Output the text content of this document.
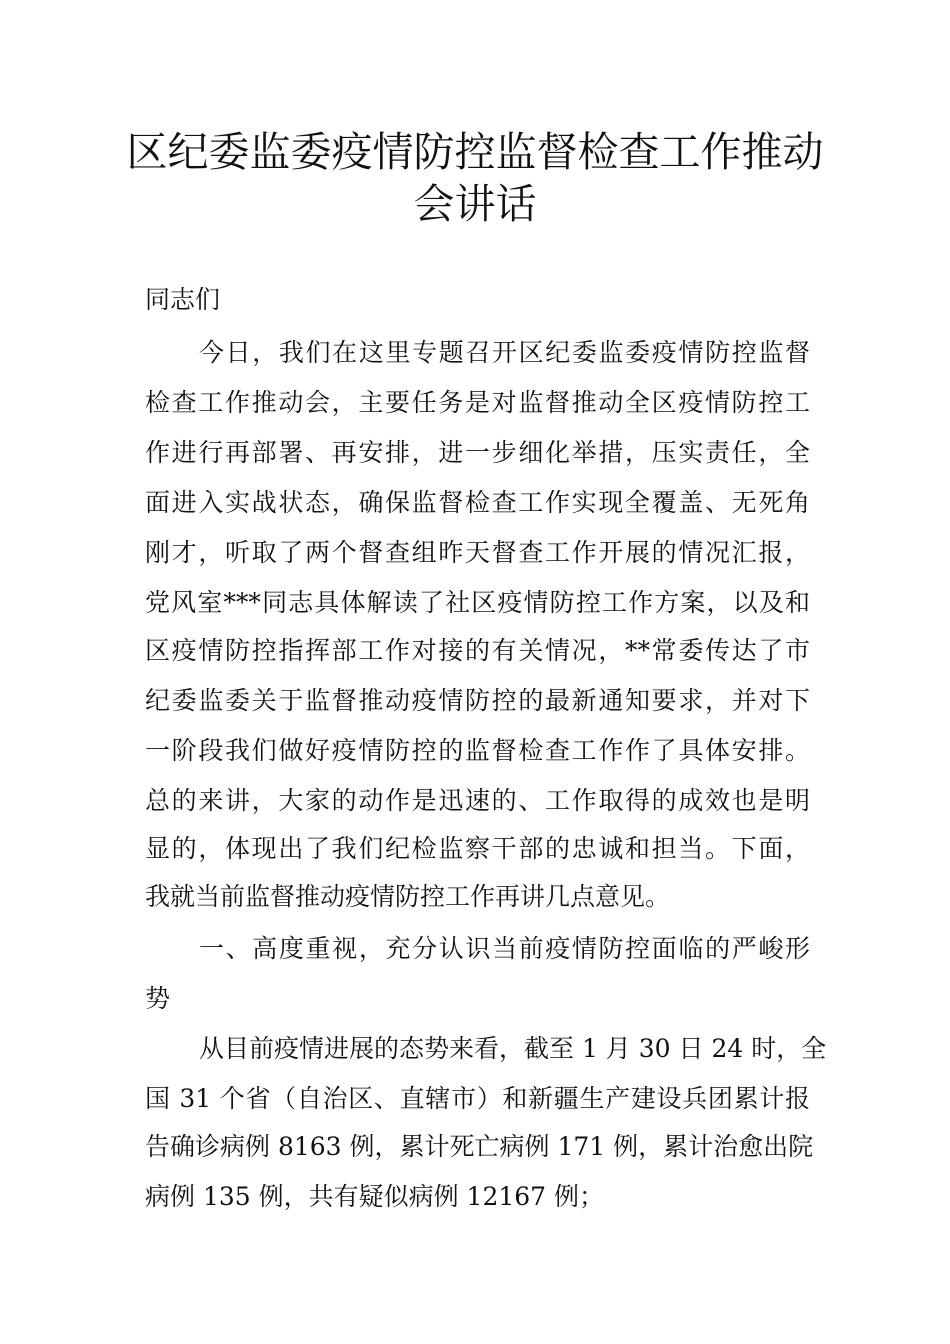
区纪委监委疫情防控监督检查工作推动
会讲话
同志们
今日，我们在这里专题召开区纪委监委疫情防控监督
检查工作推动会，主要任务是对监督推动全区疫情防控工
作进行再部署、再安排，进一步细化举措，压实责任，全
面进入实战状态，确保监督检查工作实现全覆盖、无死角
刚才，听取了两个督查组昨天督查工作开展的情况汇报，
党风室***同志具体解读了社区疫情防控工作方案，以及和
区疫情防控指挥部工作对接的有关情况，**常委传达了市
纪委监委关于监督推动疫情防控的最新通知要求，并对下
一阶段我们做好疫情防控的监督检查工作作了具体安排。
总的来讲，大家的动作是迅速的、工作取得的成效也是明
显的，体现出了我们纪检监察干部的忠诚和担当。下面，
我就当前监督推动疫情防控工作再讲几点意见。
一、高度重视，充分认识当前疫情防控面临的严峻形
势
从目前疫情进展的态势来看，截至 1 月 30 日 24 时，全
国 31 个省（自治区、直辖市）和新疆生产建设兵团累计报
告确诊病例 8163 例，累计死亡病例 171 例，累计治愈出院
病例 135 例，共有疑似病例 12167 例；
